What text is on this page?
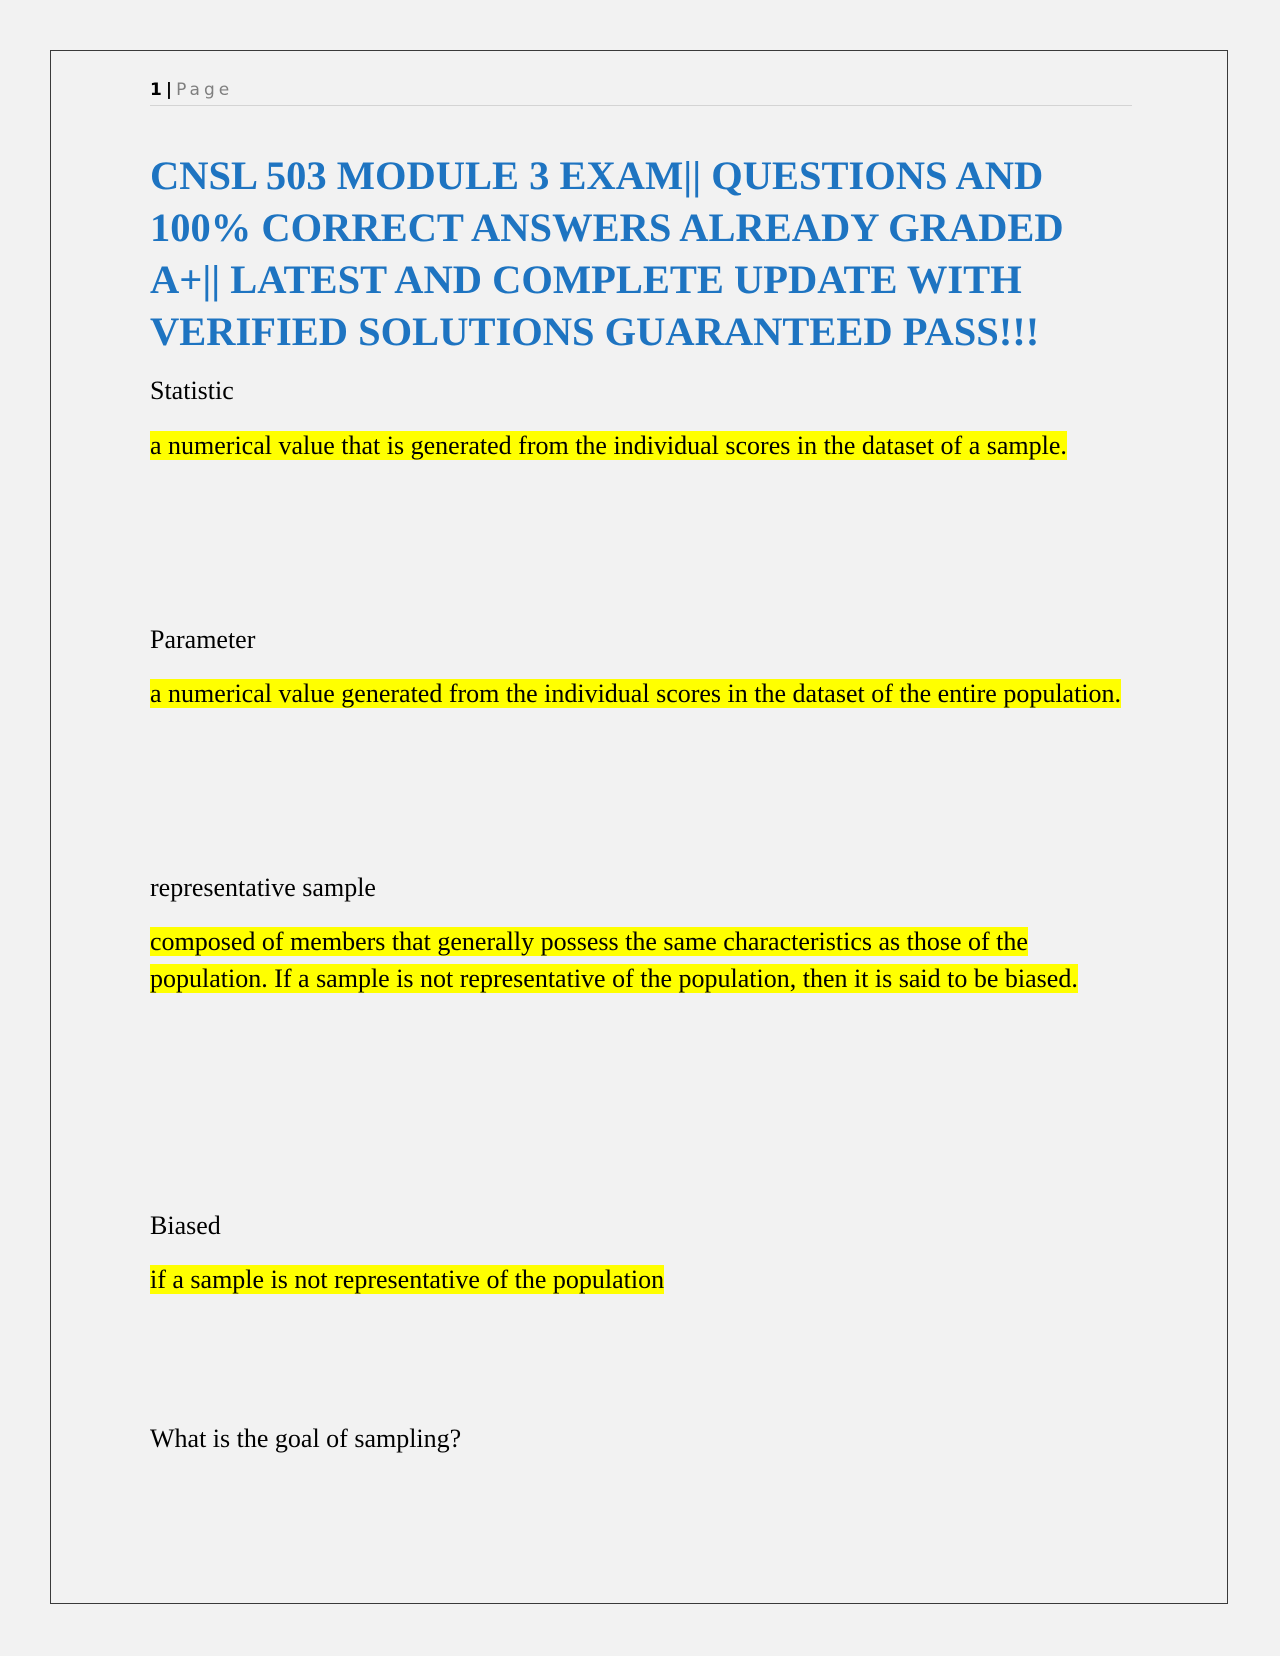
1 | Page
CNSL 503 MODULE 3 EXAM|| QUESTIONS AND 100% CORRECT ANSWERS ALREADY GRADED A+|| LATEST AND COMPLETE UPDATE WITH VERIFIED SOLUTIONS GUARANTEED PASS!!!

Statistic

a numerical value that is generated from the individual scores in the dataset of a sample.

Parameter

a numerical value generated from the individual scores in the dataset of the entire population.

representative sample

composed of members that generally possess the same characteristics as those of the population. If a sample is not representative of the population, then it is said to be biased.

Biased

if a sample is not representative of the population

What is the goal of sampling?
